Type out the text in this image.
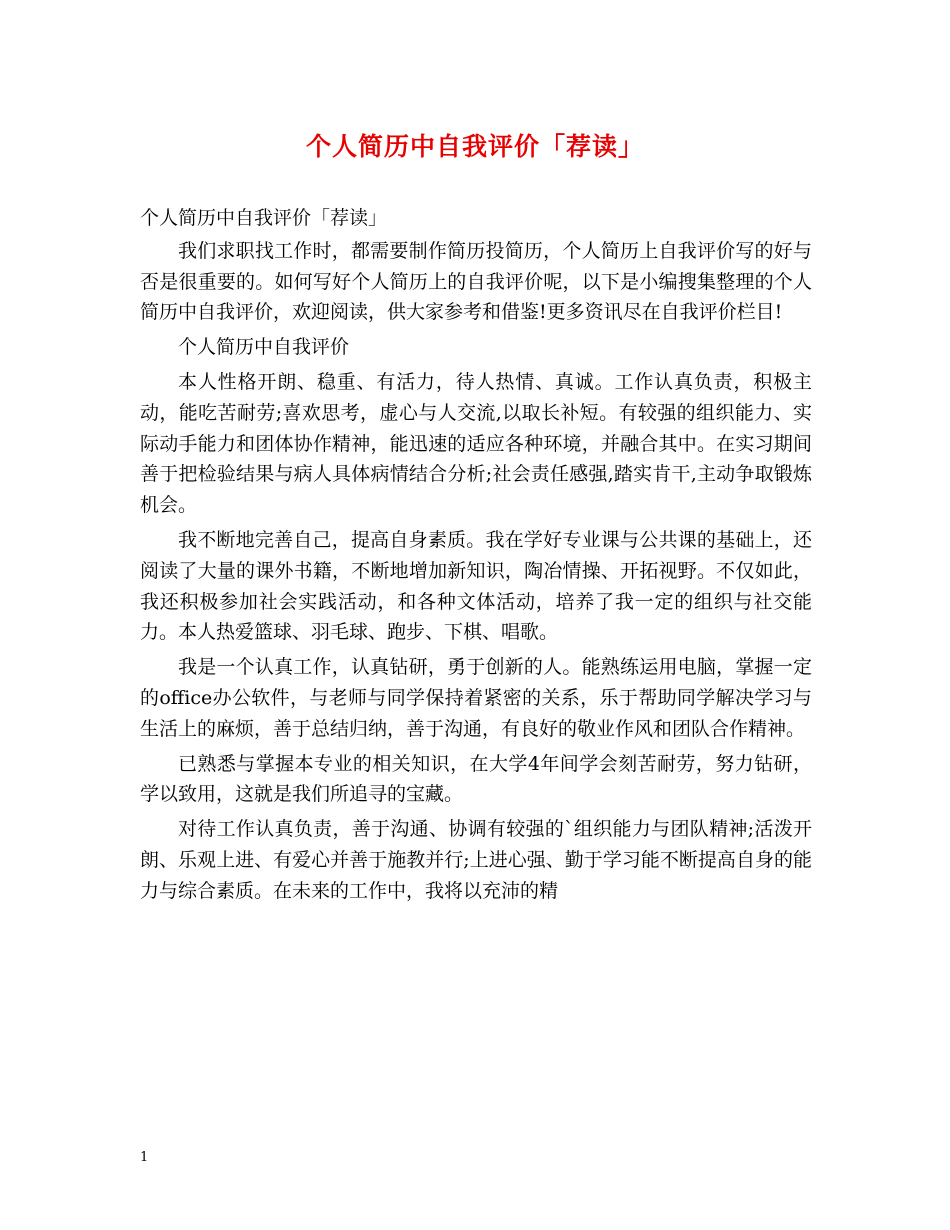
个人简历中自我评价「荐读」

个人简历中自我评价「荐读」

我们求职找工作时，都需要制作简历投简历，个人简历上自我评价写的好与否是很重要的。如何写好个人简历上的自我评价呢，以下是小编搜集整理的个人简历中自我评价，欢迎阅读，供大家参考和借鉴!更多资讯尽在自我评价栏目!

个人简历中自我评价

本人性格开朗、稳重、有活力，待人热情、真诚。工作认真负责，积极主动，能吃苦耐劳;喜欢思考，虚心与人交流,以取长补短。有较强的组织能力、实际动手能力和团体协作精神，能迅速的适应各种环境，并融合其中。在实习期间善于把检验结果与病人具体病情结合分析;社会责任感强,踏实肯干,主动争取锻炼机会。

我不断地完善自己，提高自身素质。我在学好专业课与公共课的基础上，还阅读了大量的课外书籍，不断地增加新知识，陶冶情操、开拓视野。不仅如此，我还积极参加社会实践活动，和各种文体活动，培养了我一定的组织与社交能力。本人热爱篮球、羽毛球、跑步、下棋、唱歌。

我是一个认真工作，认真钻研，勇于创新的人。能熟练运用电脑，掌握一定的office办公软件，与老师与同学保持着紧密的关系，乐于帮助同学解决学习与生活上的麻烦，善于总结归纳，善于沟通，有良好的敬业作风和团队合作精神。

已熟悉与掌握本专业的相关知识，在大学4年间学会刻苦耐劳，努力钻研，学以致用，这就是我们所追寻的宝藏。

对待工作认真负责，善于沟通、协调有较强的`组织能力与团队精神;活泼开朗、乐观上进、有爱心并善于施教并行;上进心强、勤于学习能不断提高自身的能力与综合素质。在未来的工作中，我将以充沛的精

1
